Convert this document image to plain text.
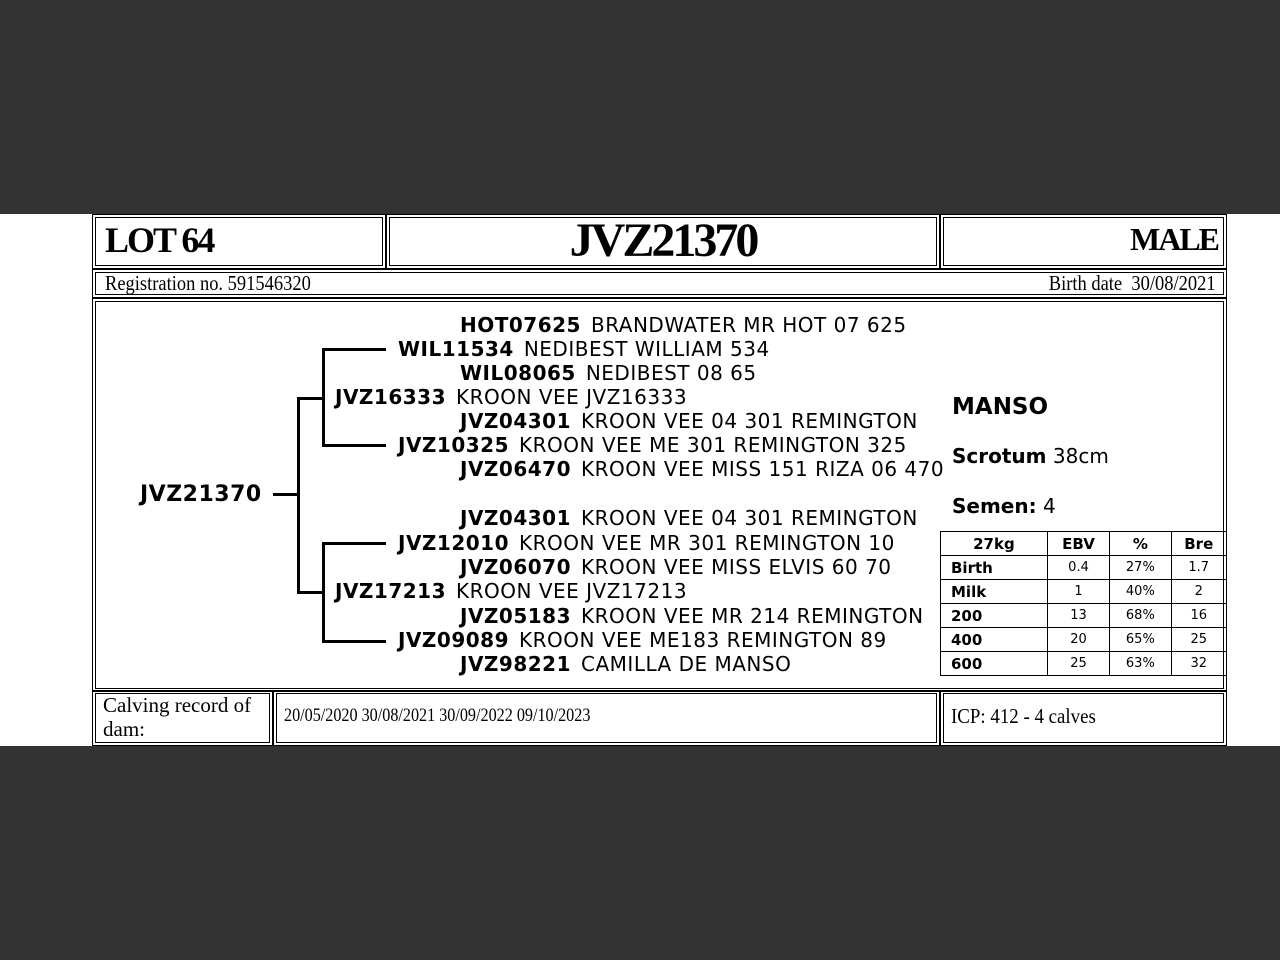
LOT 64	JVZ21370	MALE
Registration no. 591546320	Birth date 30/08/2021
JVZ21370
HOT07625 BRANDWATER MR HOT 07 625
WIL11534 NEDIBEST WILLIAM 534
WIL08065 NEDIBEST 08 65
JVZ16333 KROON VEE JVZ16333
JVZ04301 KROON VEE 04 301 REMINGTON
JVZ10325 KROON VEE ME 301 REMINGTON 325
JVZ06470 KROON VEE MISS 151 RIZA 06 470
JVZ04301 KROON VEE 04 301 REMINGTON
JVZ12010 KROON VEE MR 301 REMINGTON 10
JVZ06070 KROON VEE MISS ELVIS 60 70
JVZ17213 KROON VEE JVZ17213
JVZ05183 KROON VEE MR 214 REMINGTON
JVZ09089 KROON VEE ME183 REMINGTON 89
JVZ98221 CAMILLA DE MANSO
MANSO
Scrotum 38cm
Semen: 4
27kg	EBV	%	Bre
Birth	0.4	27%	1.7
Milk	1	40%	2
200	13	68%	16
400	20	65%	25
600	25	63%	32
Calving record of dam:
20/05/2020 30/08/2021 30/09/2022 09/10/2023	ICP: 412 - 4 calves
